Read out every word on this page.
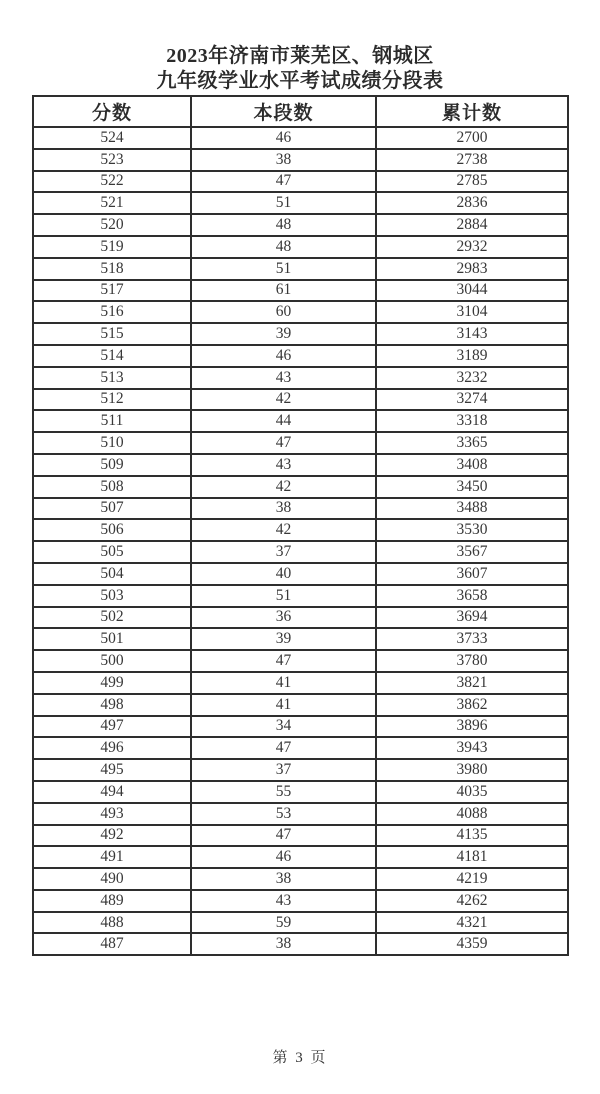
2023年济南市莱芜区、钢城区
九年级学业水平考试成绩分段表
分数	本段数	累计数
524	46	2700
523	38	2738
522	47	2785
521	51	2836
520	48	2884
519	48	2932
518	51	2983
517	61	3044
516	60	3104
515	39	3143
514	46	3189
513	43	3232
512	42	3274
511	44	3318
510	47	3365
509	43	3408
508	42	3450
507	38	3488
506	42	3530
505	37	3567
504	40	3607
503	51	3658
502	36	3694
501	39	3733
500	47	3780
499	41	3821
498	41	3862
497	34	3896
496	47	3943
495	37	3980
494	55	4035
493	53	4088
492	47	4135
491	46	4181
490	38	4219
489	43	4262
488	59	4321
487	38	4359
第 3 页
